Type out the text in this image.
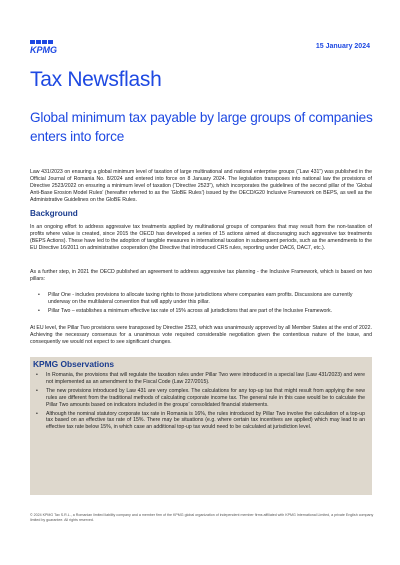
KPMG	15 January 2024
Tax Newsflash
Global minimum tax payable by large groups of companies enters into force

Law 431/2023 on ensuring a global minimum level of taxation of large multinational and national enterprise groups (“Law 431”) was published in the Official Journal of Romania No. 8/2024 and entered into force on 8 January 2024. The legislation transposes into national law the provisions of Directive 2523/2022 on ensuring a minimum level of taxation (“Directive 2523”), which incorporates the guidelines of the second pillar of the ‘Global Anti-Base Erosion Model Rules’ (hereafter referred to as the ‘GloBE Rules’) issued by the OECD/G20 Inclusive Framework on BEPS, as well as the Administrative Guidelines on the GloBE Rules.

Background

In an ongoing effort to address aggressive tax treatments applied by multinational groups of companies that may result from the non-taxation of profits where value is created, since 2015 the OECD has developed a series of 15 actions aimed at discouraging such aggressive tax treatments (BEPS Actions). These have led to the adoption of tangible measures in international taxation in subsequent periods, such as the amendments to the EU Directive 16/2011 on administrative cooperation (the Directive that introduced CRS rules, reporting under DAC6, DAC7, etc.).

As a further step, in 2021 the OECD published an agreement to address aggressive tax planning - the Inclusive Framework, which is based on two pillars:

• Pillar One - includes provisions to allocate taxing rights to those jurisdictions where companies earn profits. Discussions are currently underway on the multilateral convention that will apply under this pillar.
• Pillar Two – establishes a minimum effective tax rate of 15% across all jurisdictions that are part of the Inclusive Framework.

At EU level, the Pillar Two provisions were transposed by Directive 2523, which was unanimously approved by all Member States at the end of 2022. Achieving the necessary consensus for a unanimous vote required considerable negotiation given the contentious nature of the issue, and consequently we would not expect to see significant changes.

KPMG Observations
• In Romania, the provisions that will regulate the taxation rules under Pillar Two were introduced in a special law (Law 431/2023) and were not implemented as an amendment to the Fiscal Code (Law 227/2015).
• The new provisions introduced by Law 431 are very complex. The calculations for any top-up tax that might result from applying the new rules are different from the traditional methods of calculating corporate income tax. The general rule in this case would be to calculate the Pillar Two amounts based on indicators included in the groups’ consolidated financial statements.
• Although the nominal statutory corporate tax rate in Romania is 16%, the rules introduced by Pillar Two involve the calculation of a top-up tax based on an effective tax rate of 15%. There may be situations (e.g. where certain tax incentives are applied) which may lead to an effective tax rate below 15%, in which case an additional top-up tax would need to be calculated at jurisdiction level.

© 2024 KPMG Tax S.R.L., a Romanian limited liability company and a member firm of the KPMG global organization of independent member firms affiliated with KPMG International Limited, a private English company limited by guarantee. All rights reserved.
